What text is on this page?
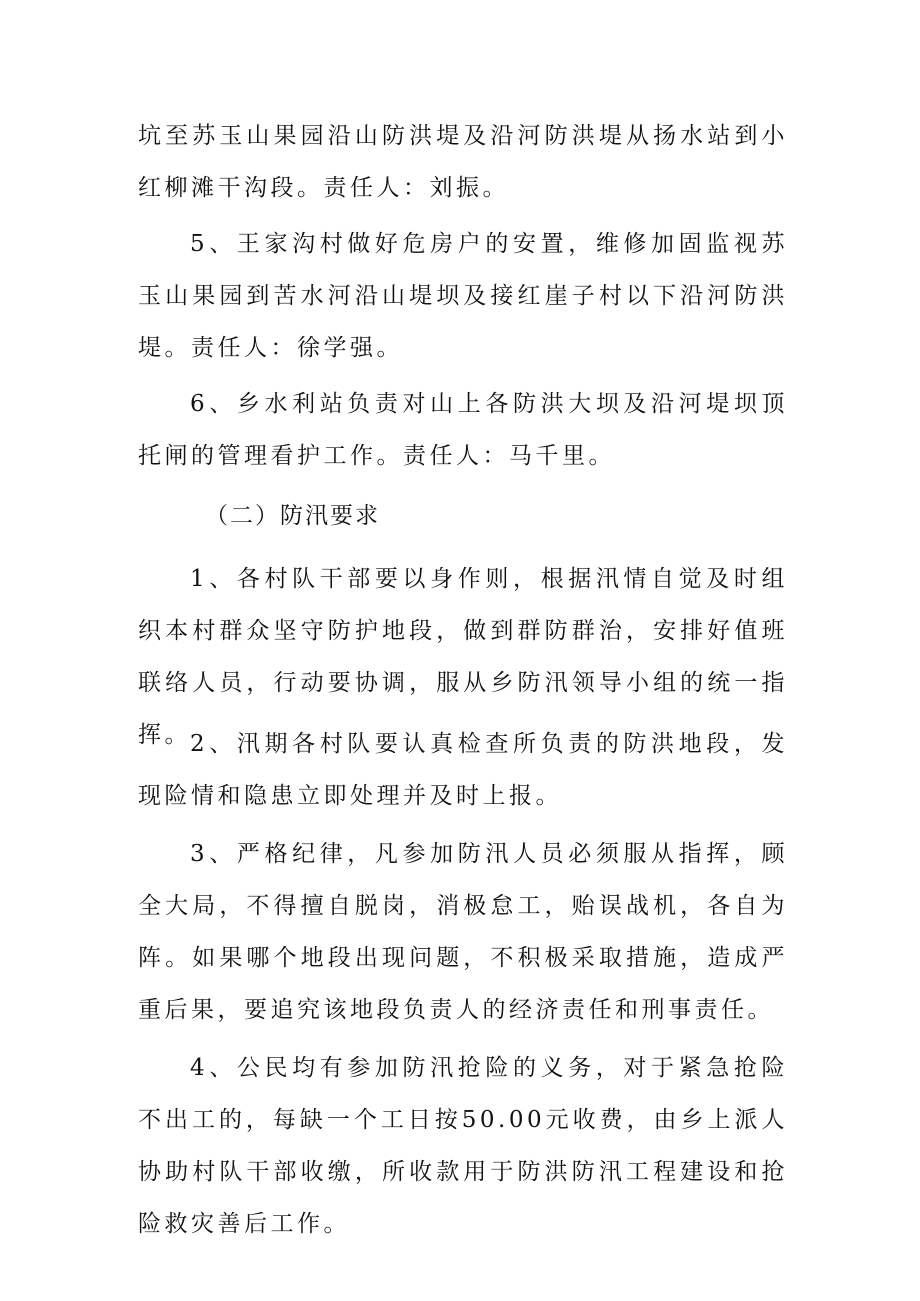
坑至苏玉山果园沿山防洪堤及沿河防洪堤从扬水站到小红柳滩干沟段。责任人：刘振。

5、王家沟村做好危房户的安置，维修加固监视苏玉山果园到苦水河沿山堤坝及接红崖子村以下沿河防洪堤。责任人：徐学强。

6、乡水利站负责对山上各防洪大坝及沿河堤坝顶托闸的管理看护工作。责任人：马千里。

（二）防汛要求

1、各村队干部要以身作则，根据汛情自觉及时组织本村群众坚守防护地段，做到群防群治，安排好值班联络人员，行动要协调，服从乡防汛领导小组的统一指挥。 2、汛期各村队要认真检查所负责的防洪地段，发现险情和隐患立即处理并及时上报。

3、严格纪律，凡参加防汛人员必须服从指挥，顾全大局，不得擅自脱岗，消极怠工，贻误战机，各自为阵。如果哪个地段出现问题，不积极采取措施，造成严重后果，要追究该地段负责人的经济责任和刑事责任。

4、公民均有参加防汛抢险的义务，对于紧急抢险不出工的，每缺一个工日按50.00元收费，由乡上派人协助村队干部收缴，所收款用于防洪防汛工程建设和抢险救灾善后工作。
